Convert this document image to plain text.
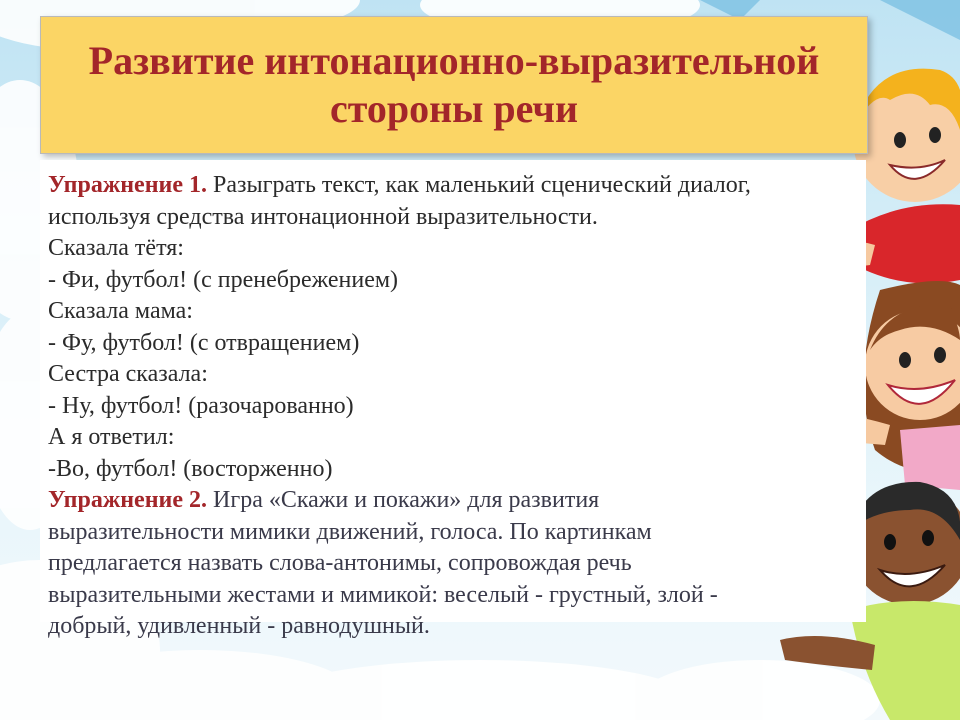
Развитие интонационно-выразительной
стороны речи
Упражнение 1. Разыграть текст, как маленький сценический диалог,
используя средства интонационной выразительности.
Сказала тётя:
- Фи, футбол! (с пренебрежением)
Сказала мама:
- Фу, футбол! (с отвращением)
Сестра сказала:
- Ну, футбол! (разочарованно)
А я ответил:
-Во, футбол! (восторженно)
Упражнение 2. Игра «Скажи и покажи» для развития
выразительности мимики движений, голоса. По картинкам
предлагается назвать слова-антонимы, сопровождая речь
выразительными жестами и мимикой: веселый - грустный, злой -
добрый, удивленный - равнодушный.
